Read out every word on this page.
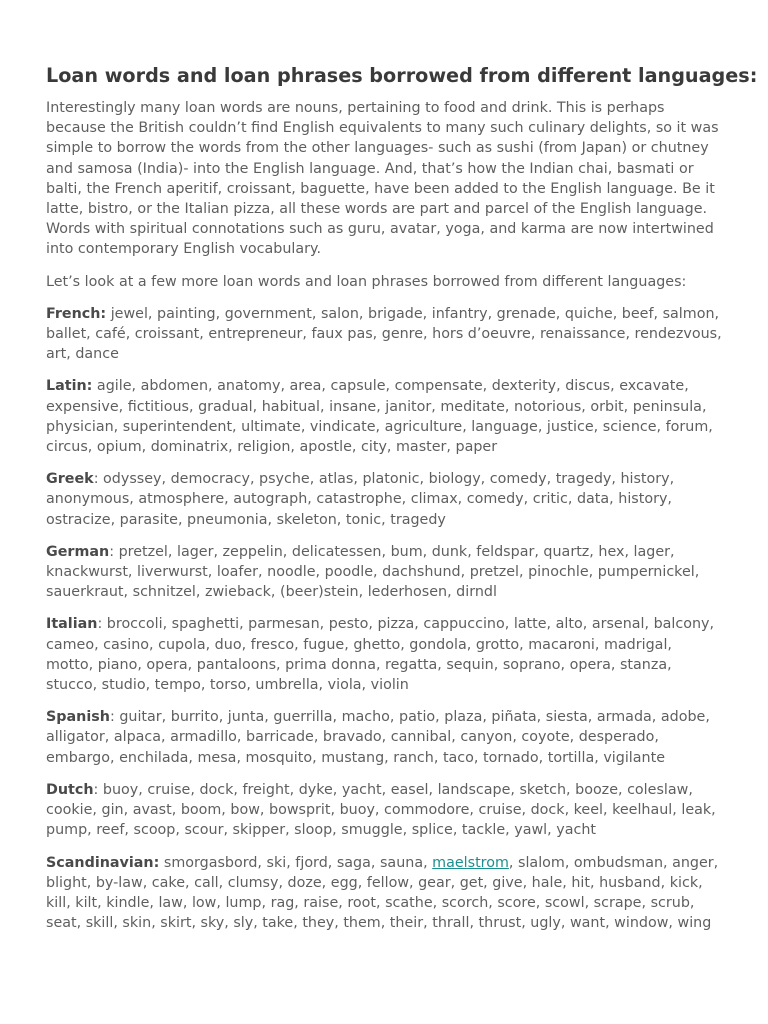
Loan words and loan phrases borrowed from different languages:

Interestingly many loan words are nouns, pertaining to food and drink. This is perhaps because the British couldn’t find English equivalents to many such culinary delights, so it was simple to borrow the words from the other languages- such as sushi (from Japan) or chutney and samosa (India)- into the English language. And, that’s how the Indian chai, basmati or balti, the French aperitif, croissant, baguette, have been added to the English language. Be it latte, bistro, or the Italian pizza, all these words are part and parcel of the English language. Words with spiritual connotations such as guru, avatar, yoga, and karma are now intertwined into contemporary English vocabulary.

Let’s look at a few more loan words and loan phrases borrowed from different languages:

French: jewel, painting, government, salon, brigade, infantry, grenade, quiche, beef, salmon, ballet, café, croissant, entrepreneur, faux pas, genre, hors d’oeuvre, renaissance, rendezvous, art, dance

Latin: agile, abdomen, anatomy, area, capsule, compensate, dexterity, discus, excavate, expensive, fictitious, gradual, habitual, insane, janitor, meditate, notorious, orbit, peninsula, physician, superintendent, ultimate, vindicate, agriculture, language, justice, science, forum, circus, opium, dominatrix, religion, apostle, city, master, paper

Greek: odyssey, democracy, psyche, atlas, platonic, biology, comedy, tragedy, history, anonymous, atmosphere, autograph, catastrophe, climax, comedy, critic, data, history, ostracize, parasite, pneumonia, skeleton, tonic, tragedy

German: pretzel, lager, zeppelin, delicatessen, bum, dunk, feldspar, quartz, hex, lager, knackwurst, liverwurst, loafer, noodle, poodle, dachshund, pretzel, pinochle, pumpernickel, sauerkraut, schnitzel, zwieback, (beer)stein, lederhosen, dirndl

Italian: broccoli, spaghetti, parmesan, pesto, pizza, cappuccino, latte, alto, arsenal, balcony, cameo, casino, cupola, duo, fresco, fugue, ghetto, gondola, grotto, macaroni, madrigal, motto, piano, opera, pantaloons, prima donna, regatta, sequin, soprano, opera, stanza, stucco, studio, tempo, torso, umbrella, viola, violin

Spanish: guitar, burrito, junta, guerrilla, macho, patio, plaza, piñata, siesta, armada, adobe, alligator, alpaca, armadillo, barricade, bravado, cannibal, canyon, coyote, desperado, embargo, enchilada, mesa, mosquito, mustang, ranch, taco, tornado, tortilla, vigilante

Dutch: buoy, cruise, dock, freight, dyke, yacht, easel, landscape, sketch, booze, coleslaw, cookie, gin, avast, boom, bow, bowsprit, buoy, commodore, cruise, dock, keel, keelhaul, leak, pump, reef, scoop, scour, skipper, sloop, smuggle, splice, tackle, yawl, yacht

Scandinavian: smorgasbord, ski, fjord, saga, sauna, maelstrom, slalom, ombudsman, anger, blight, by-law, cake, call, clumsy, doze, egg, fellow, gear, get, give, hale, hit, husband, kick, kill, kilt, kindle, law, low, lump, rag, raise, root, scathe, scorch, score, scowl, scrape, scrub, seat, skill, skin, skirt, sky, sly, take, they, them, their, thrall, thrust, ugly, want, window, wing
